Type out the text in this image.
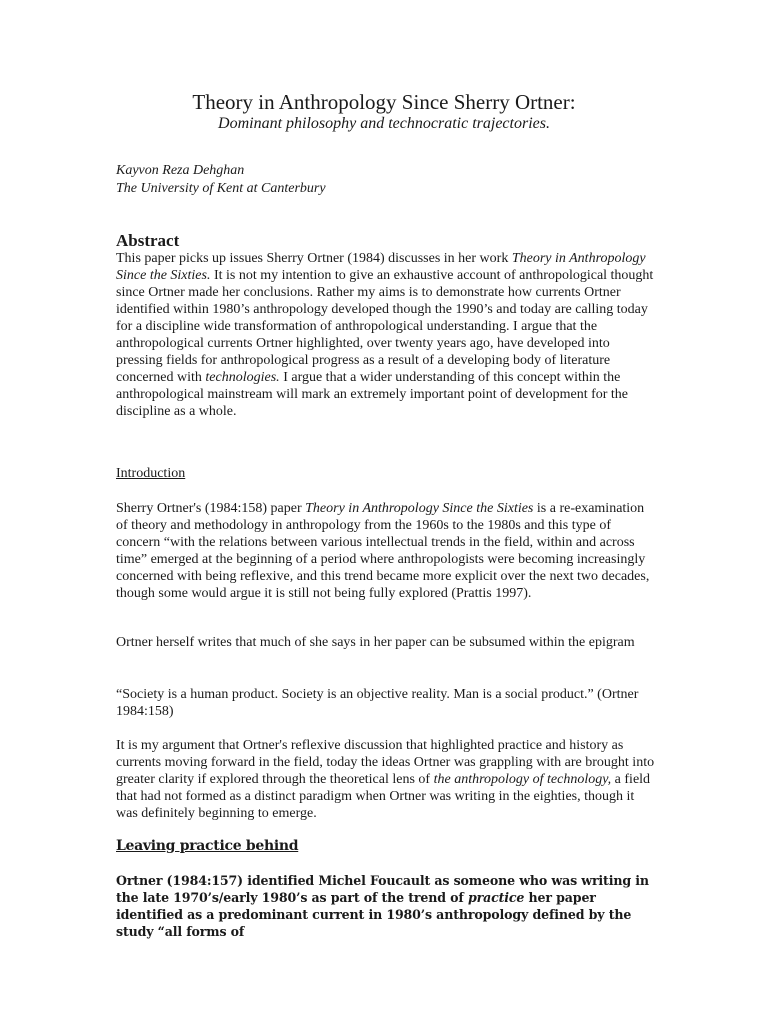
Theory in Anthropology Since Sherry Ortner:
Dominant philosophy and technocratic trajectories.
Kayvon Reza Dehghan
The University of Kent at Canterbury
Abstract

This paper picks up issues Sherry Ortner (1984) discusses in her work Theory in Anthropology Since the Sixties. It is not my intention to give an exhaustive account of anthropological thought since Ortner made her conclusions. Rather my aims is to demonstrate how currents Ortner identified within 1980’s anthropology developed though the 1990’s and today are calling today for a discipline wide transformation of anthropological understanding. I argue that the anthropological currents Ortner highlighted, over twenty years ago, have developed into pressing fields for anthropological progress as a result of a developing body of literature concerned with technologies. I argue that a wider understanding of this concept within the anthropological mainstream will mark an extremely important point of development for the discipline as a whole.

Introduction

Sherry Ortner's (1984:158) paper Theory in Anthropology Since the Sixties is a re-examination of theory and methodology in anthropology from the 1960s to the 1980s and this type of concern “with the relations between various intellectual trends in the field, within and across time” emerged at the beginning of a period where anthropologists were becoming increasingly concerned with being reflexive, and this trend became more explicit over the next two decades, though some would argue it is still not being fully explored (Prattis 1997).

Ortner herself writes that much of she says in her paper can be subsumed within the epigram

“Society is a human product. Society is an objective reality. Man is a social product.” (Ortner 1984:158)

It is my argument that Ortner's reflexive discussion that highlighted practice and history as currents moving forward in the field, today the ideas Ortner was grappling with are brought into greater clarity if explored through the theoretical lens of the anthropology of technology, a field that had not formed as a distinct paradigm when Ortner was writing in the eighties, though it was definitely beginning to emerge.

Leaving practice behind

Ortner (1984:157) identified Michel Foucault as someone who was writing in the late 1970’s/early 1980’s as part of the trend of practice her paper identified as a predominant current in 1980’s anthropology defined by the study “all forms of
